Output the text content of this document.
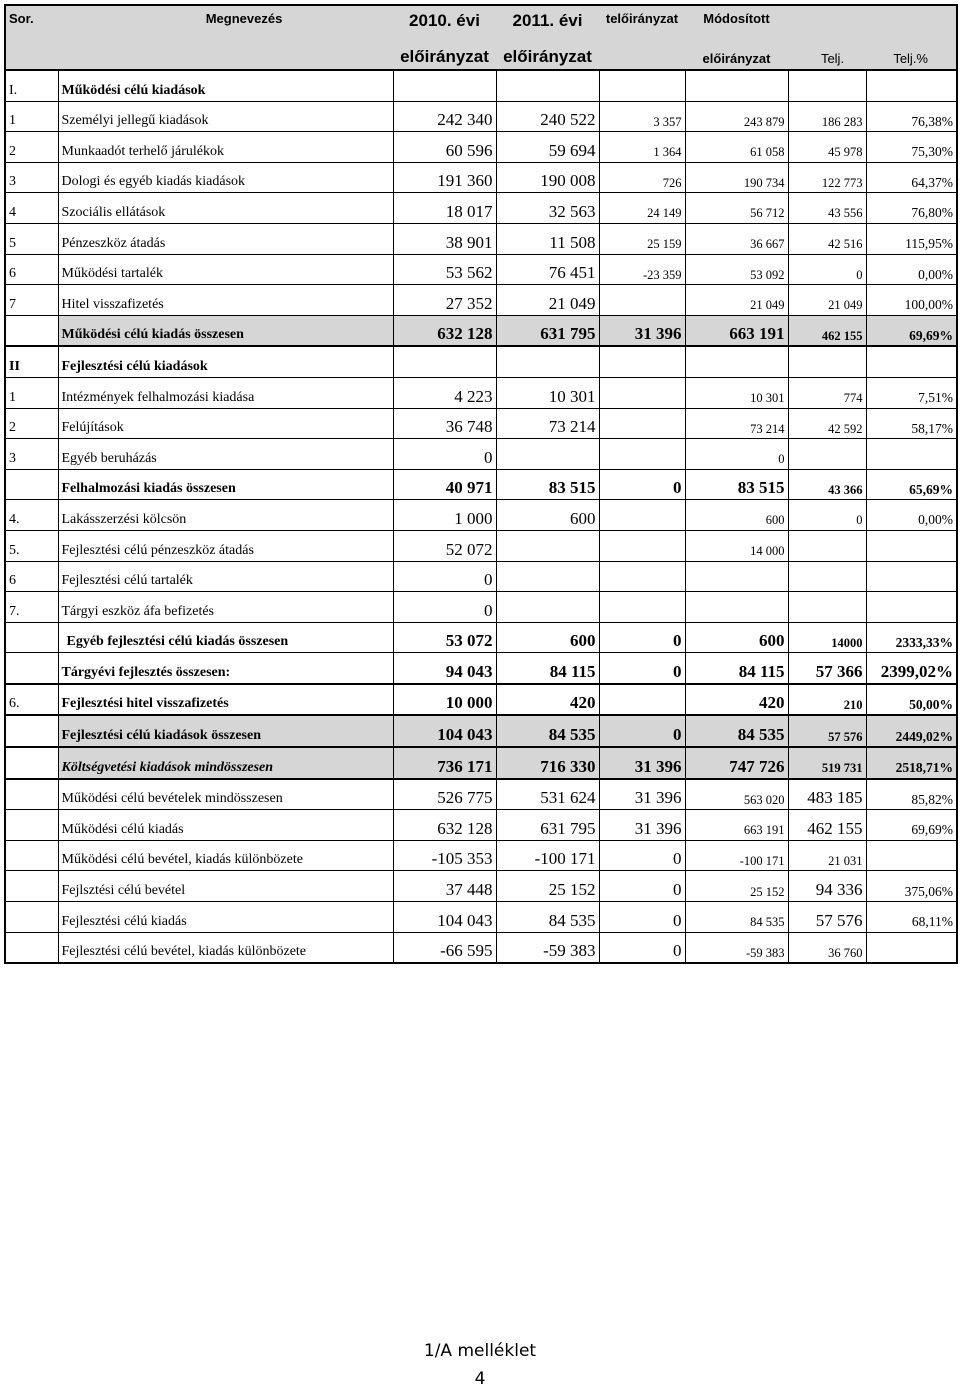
Sor.	Megnevezés	2010. évi	2011. évi	telőirányzat	Módosított		
		előirányzat	előirányzat		előirányzat	Telj.	Telj.%
I.	Működési célú kiadások						
1	Személyi jellegű kiadások	242 340	240 522	3 357	243 879	186 283	76,38%
2	Munkaadót terhelő járulékok	60 596	59 694	1 364	61 058	45 978	75,30%
3	Dologi és egyéb kiadás kiadások	191 360	190 008	726	190 734	122 773	64,37%
4	Szociális ellátások	18 017	32 563	24 149	56 712	43 556	76,80%
5	Pénzeszköz átadás	38 901	11 508	25 159	36 667	42 516	115,95%
6	Működési tartalék	53 562	76 451	-23 359	53 092	0	0,00%
7	Hitel visszafizetés	27 352	21 049		21 049	21 049	100,00%
	Működési célú kiadás összesen	632 128	631 795	31 396	663 191	462 155	69,69%
II	Fejlesztési célú kiadások						
1	Intézmények felhalmozási kiadása	4 223	10 301		10 301	774	7,51%
2	Felújítások	36 748	73 214		73 214	42 592	58,17%
3	Egyéb beruházás	0			0		
	Felhalmozási kiadás összesen	40 971	83 515	0	83 515	43 366	65,69%
4.	Lakásszerzési kölcsön	1 000	600		600	0	0,00%
5.	Fejlesztési célú pénzeszköz átadás	52 072			14 000		
6	Fejlesztési célú tartalék	0					
7.	Tárgyi eszköz áfa befizetés	0					
	Egyéb fejlesztési célú kiadás összesen	53 072	600	0	600	14000	2333,33%
	Tárgyévi fejlesztés összesen:	94 043	84 115	0	84 115	57 366	2399,02%
6.	Fejlesztési hitel visszafizetés	10 000	420		420	210	50,00%
	Fejlesztési célú kiadások összesen	104 043	84 535	0	84 535	57 576	2449,02%
	Költségvetési kiadások mindösszesen	736 171	716 330	31 396	747 726	519 731	2518,71%
	Működési célú bevételek mindösszesen	526 775	531 624	31 396	563 020	483 185	85,82%
	Működési célú kiadás	632 128	631 795	31 396	663 191	462 155	69,69%
	Működési célú bevétel, kiadás különbözete	-105 353	-100 171	0	-100 171	21 031	
	Fejlsztési célú bevétel	37 448	25 152	0	25 152	94 336	375,06%
	Fejlesztési célú kiadás	104 043	84 535	0	84 535	57 576	68,11%
	Fejlesztési célú bevétel, kiadás különbözete	-66 595	-59 383	0	-59 383	36 760	
1/A melléklet
4
